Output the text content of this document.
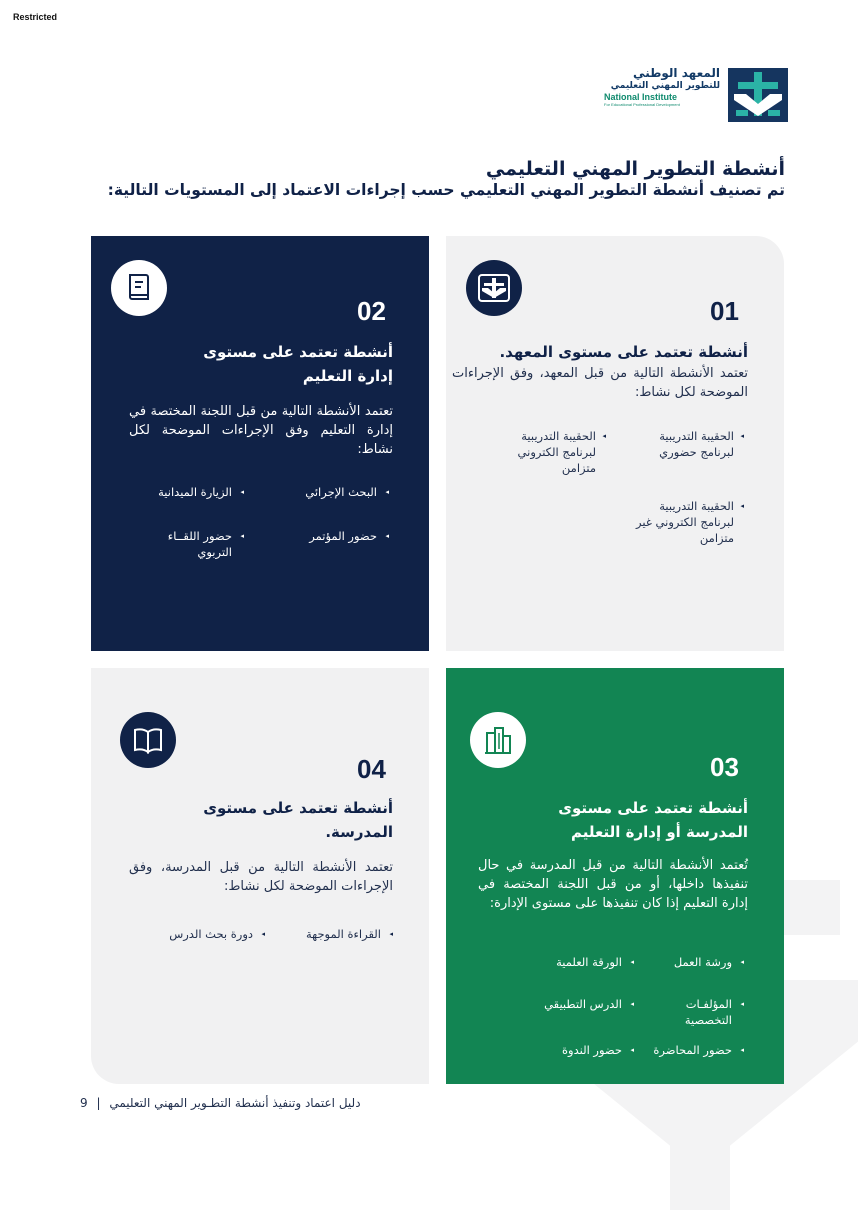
Restricted
المعهد الوطني
للتطوير المهني التعليمي
National Institute
For Educational Professional Development
أنشطة التطوير المهني التعليمي
تم تصنيف أنشطة التطوير المهني التعليمي حسب إجراءات الاعتماد إلى المستويات التالية:
01
أنشطة تعتمد على مستوى المعهد.
تعتمد الأنشطة التالية من قبل المعهد، وفق الإجراءات الموضحة لكل نشاط:
◂
الحقيبة التدريبية لبرنامج حضوري
◂
الحقيبة التدريبية لبرنامج الكتروني متزامن
◂
الحقيبة التدريبية لبرنامج الكتروني غير متزامن
02
أنشطة تعتمد على مستوى إدارة التعليم
تعتمد الأنشطة التالية من قبل اللجنة المختصة في إدارة التعليم وفق الإجراءات الموضحة لكل نشاط:
◂
البحث الإجرائي
◂
الزيارة الميدانية
◂
حضور المؤتمر
◂
حضور اللقــاء التربوي
03
أنشطة تعتمد على مستوى المدرسة أو إدارة التعليم
تُعتمد الأنشطة التالية من قبل المدرسة في حال تنفيذها داخلها، أو من قبل اللجنة المختصة في إدارة التعليم إذا كان تنفيذها على مستوى الإدارة:
◂
ورشة العمل
◂
الورقة العلمية
◂
المؤلفـات التخصصية
◂
الدرس التطبيقي
◂
حضور المحاضرة
◂
حضور الندوة
04
أنشطة تعتمد على مستوى المدرسة.
تعتمد الأنشطة التالية من قبل المدرسة، وفق الإجراءات الموضحة لكل نشاط:
◂
القراءة الموجهة
◂
دورة بحث الدرس
دليل اعتماد وتنفيذ أنشطة التطـوير المهني التعليمي | 9
